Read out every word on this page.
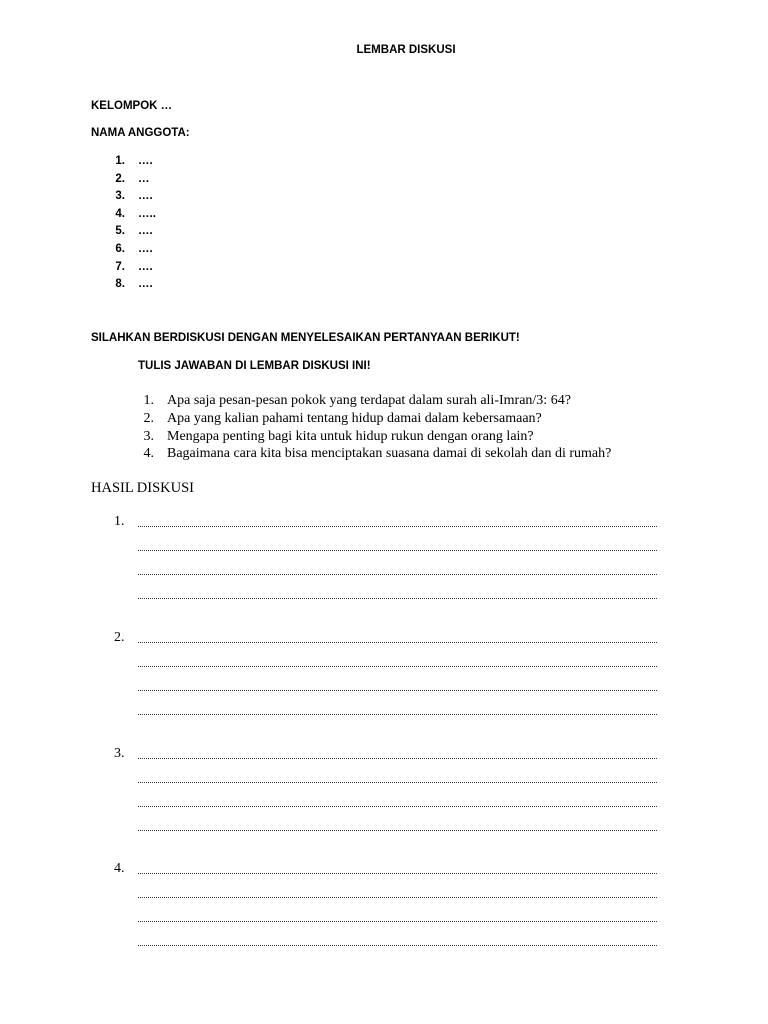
LEMBAR DISKUSI
KELOMPOK …
NAMA ANGGOTA:
1. ….
2. …
3. ….
4. …..
5. ….
6. ….
7. ….
8. ….
SILAHKAN BERDISKUSI DENGAN MENYELESAIKAN PERTANYAAN BERIKUT!
TULIS JAWABAN DI LEMBAR DISKUSI INI!
1. Apa saja pesan-pesan pokok yang terdapat dalam surah ali-Imran/3: 64?
2. Apa yang kalian pahami tentang hidup damai dalam kebersamaan?
3. Mengapa penting bagi kita untuk hidup rukun dengan orang lain?
4. Bagaimana cara kita bisa menciptakan suasana damai di sekolah dan di rumah?
HASIL DISKUSI
1.
2.
3.
4.
